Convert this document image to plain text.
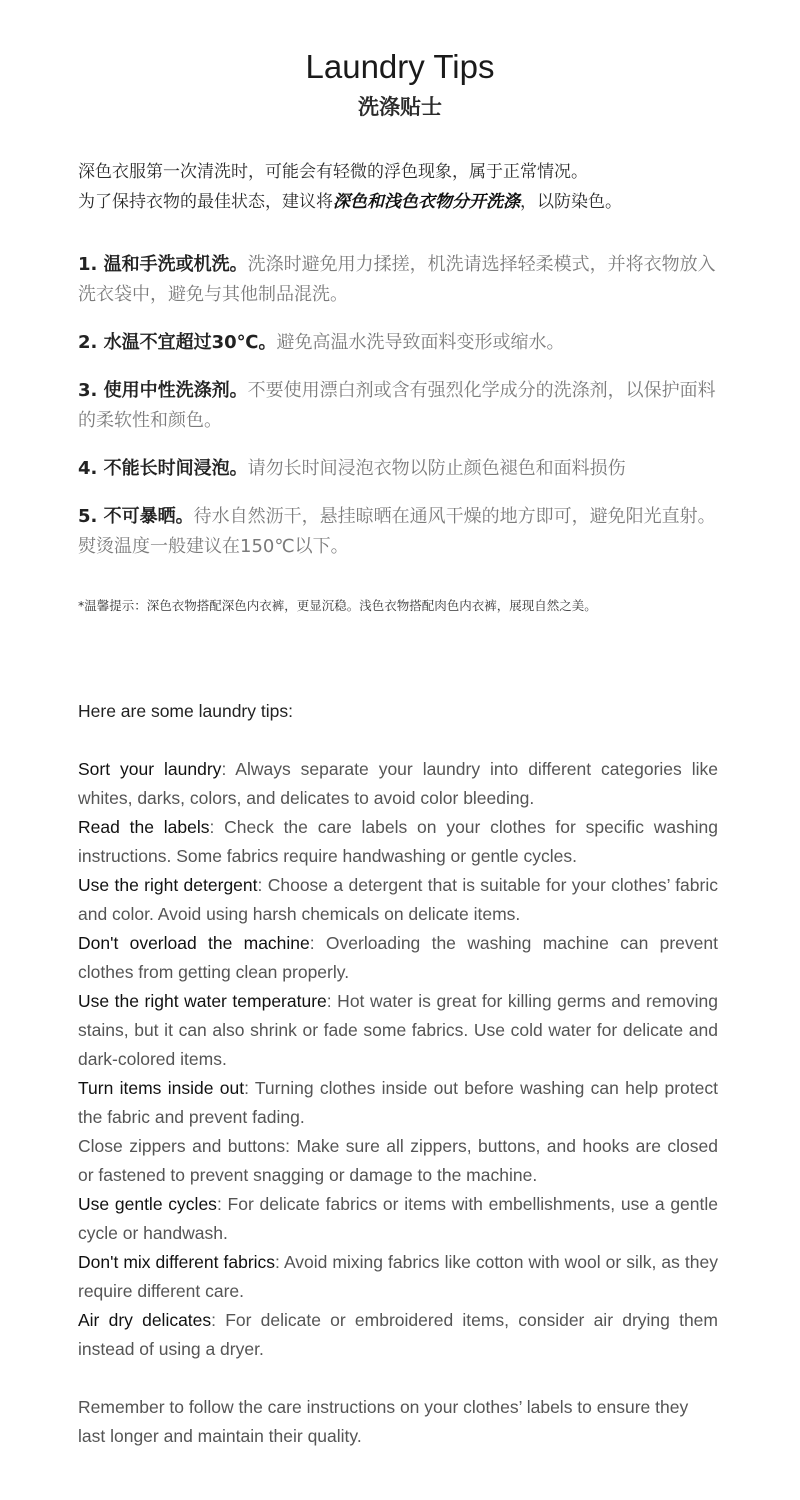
Laundry Tips
洗涤贴士
深色衣服第一次清洗时，可能会有轻微的浮色现象，属于正常情况。
为了保持衣物的最佳状态，建议将深色和浅色衣物分开洗涤，以防染色。

1. 温和手洗或机洗。洗涤时避免用力揉搓，机洗请选择轻柔模式，并将衣物放入洗衣袋中，避免与其他制品混洗。

2. 水温不宜超过30℃。避免高温水洗导致面料变形或缩水。

3. 使用中性洗涤剂。不要使用漂白剂或含有强烈化学成分的洗涤剂，以保护面料的柔软性和颜色。

4. 不能长时间浸泡。请勿长时间浸泡衣物以防止颜色褪色和面料损伤

5. 不可暴晒。待水自然沥干，悬挂晾晒在通风干燥的地方即可，避免阳光直射。熨烫温度一般建议在150℃以下。

*温馨提示：深色衣物搭配深色内衣裤，更显沉稳。浅色衣物搭配肉色内衣裤，展现自然之美。

Here are some laundry tips:

Sort your laundry: Always separate your laundry into different categories like whites, darks, colors, and delicates to avoid color bleeding.

Read the labels: Check the care labels on your clothes for specific washing instructions. Some fabrics require handwashing or gentle cycles.

Use the right detergent: Choose a detergent that is suitable for your clothes’ fabric and color. Avoid using harsh chemicals on delicate items.

Don't overload the machine: Overloading the washing machine can prevent clothes from getting clean properly.

Use the right water temperature: Hot water is great for killing germs and removing stains, but it can also shrink or fade some fabrics. Use cold water for delicate and dark-colored items.

Turn items inside out: Turning clothes inside out before washing can help protect the fabric and prevent fading.

Close zippers and buttons: Make sure all zippers, buttons, and hooks are closed or fastened to prevent snagging or damage to the machine.

Use gentle cycles: For delicate fabrics or items with embellishments, use a gentle cycle or handwash.

Don't mix different fabrics: Avoid mixing fabrics like cotton with wool or silk, as they require different care.

Air dry delicates: For delicate or embroidered items, consider air drying them instead of using a dryer.

Remember to follow the care instructions on your clothes’ labels to ensure they last longer and maintain their quality.
